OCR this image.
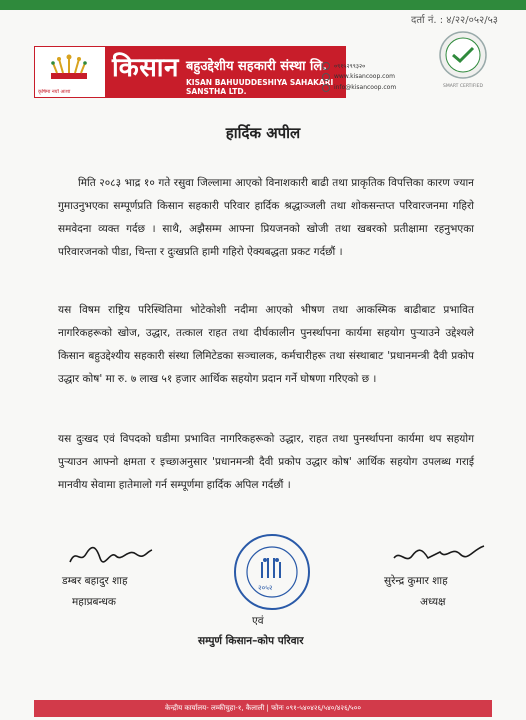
दर्ता नं. : ४/२२/०५२/५३
कृषिमा नयाँ आशा
किसान बहुउद्देशीय सहकारी संस्था लि.
KISAN BAHUUDDESHIYA SAHAKARI SANSTHA LTD.
०९१५२९९३२०
www.kisancoop.com
info@kisancoop.com	SMART CERTIFIED
हार्दिक अपील
मिति २०८३ भाद्र १० गते रसुवा जिल्लामा आएको विनाशकारी बाढी तथा प्राकृतिक विपत्तिका कारण ज्यान गुमाउनुभएका सम्पूर्णप्रति किसान सहकारी परिवार हार्दिक श्रद्धाञ्जली तथा शोकसन्तप्त परिवारजनमा गहिरो समवेदना व्यक्त गर्दछ । साथै, अझैसम्म आफ्ना प्रियजनको खोजी तथा खबरको प्रतीक्षामा रहनुभएका परिवारजनको पीडा, चिन्ता र दुःखप्रति हामी गहिरो ऐक्यबद्धता प्रकट गर्दछौं ।
यस विषम राष्ट्रिय परिस्थितिमा भोटेकोशी नदीमा आएको भीषण तथा आकस्मिक बाढीबाट प्रभावित नागरिकहरूको खोज, उद्धार, तत्काल राहत तथा दीर्घकालीन पुनर्स्थापना कार्यमा सहयोग पुऱ्याउने उद्देश्यले किसान बहुउद्देश्यीय सहकारी संस्था लिमिटेडका सञ्चालक, कर्मचारीहरू तथा संस्थाबाट 'प्रधानमन्त्री दैवी प्रकोप उद्धार कोष' मा रु. ७ लाख ५१ हजार आर्थिक सहयोग प्रदान गर्ने घोषणा गरिएको छ ।
यस दुःखद एवं विपदको घडीमा प्रभावित नागरिकहरूको उद्धार, राहत तथा पुनर्स्थापना कार्यमा थप सहयोग पुऱ्याउन आफ्नो क्षमता र इच्छाअनुसार 'प्रधानमन्त्री दैवी प्रकोप उद्धार कोष' आर्थिक सहयोग उपलब्ध गराई मानवीय सेवामा हातेमालो गर्न सम्पूर्णमा हार्दिक अपिल गर्दछौं ।
डम्बर बहादुर शाह
महाप्रबन्धक
२०५२
सुरेन्द्र कुमार शाह
अध्यक्ष
एवं
सम्पुर्ण किसान–कोप परिवार
केन्द्रीय कार्यालय- लम्कीचुहा-१, कैलाली | फोनः ०९१-५४०४२६/५४०/४२६/५००
